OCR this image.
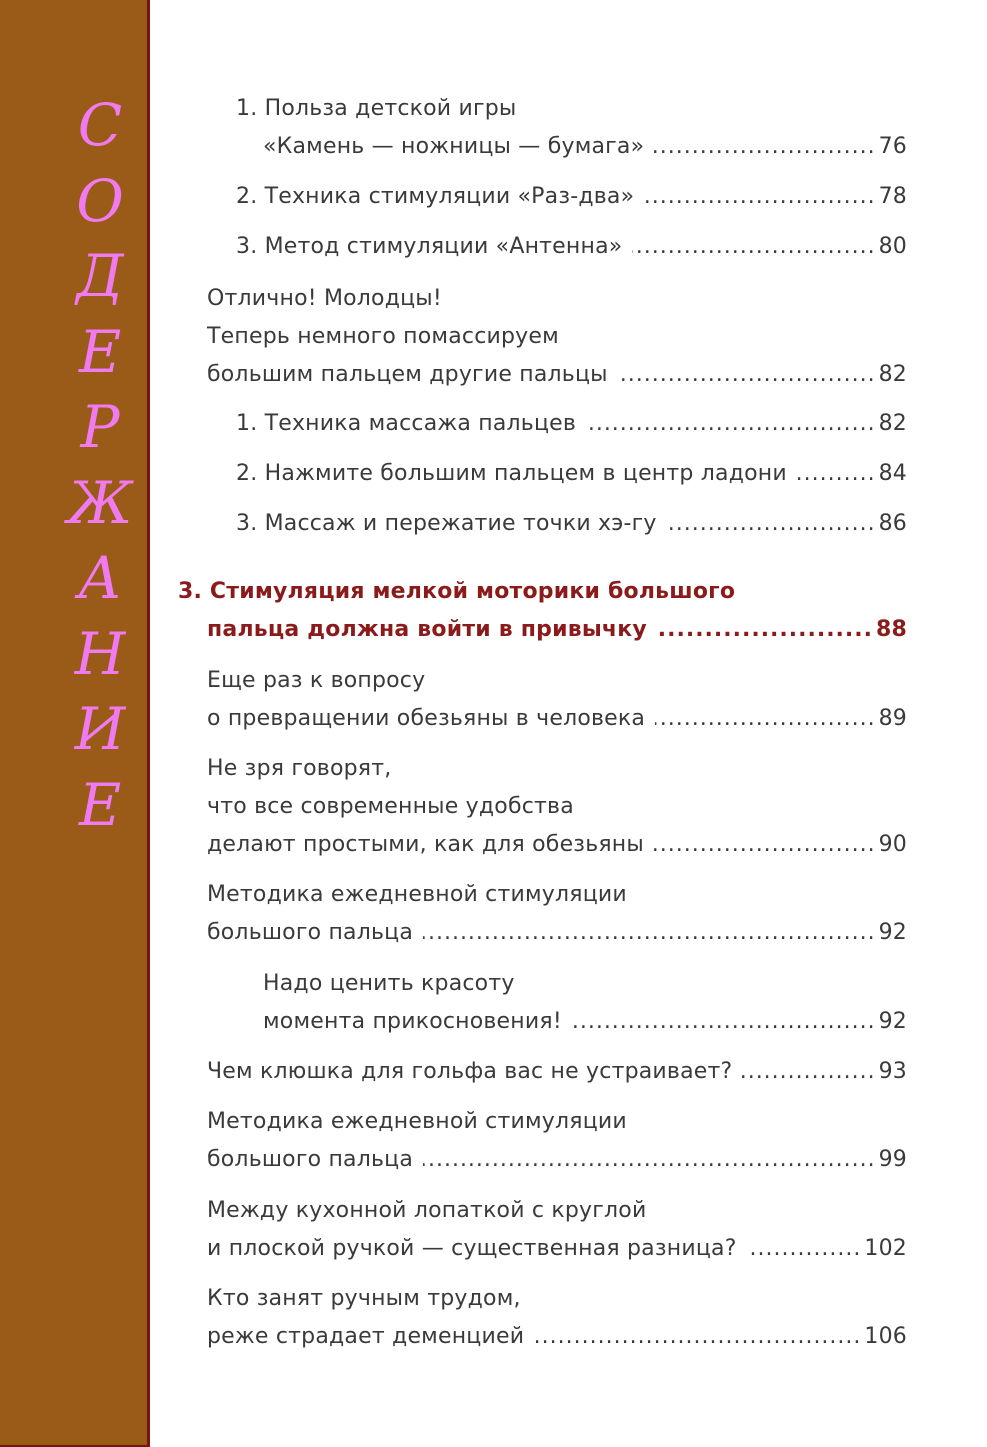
С
О
Д
Е
Р
Ж
А
Н
И
Е
1. Польза детской игры
«Камень — ножницы — бумага» .....	76
2. Техника стимуляции «Раз-два» .....	78
3. Метод стимуляции «Антенна» .....	80
Отлично! Молодцы!
Теперь немного помассируем
большим пальцем другие пальцы .....	82
1. Техника массажа пальцев .....	82
2. Нажмите большим пальцем в центр ладони .....	84
3. Массаж и пережатие точки хэ-гу .....	86
3. Стимуляция мелкой моторики большого
пальца должна войти в привычку .....	88
Еще раз к вопросу
о превращении обезьяны в человека .....	89
Не зря говорят,
что все современные удобства
делают простыми, как для обезьяны .....	90
Методика ежедневной стимуляции
большого пальца .....	92
Надо ценить красоту
момента прикосновения! .....	92
Чем клюшка для гольфа вас не устраивает? .....	93
Методика ежедневной стимуляции
большого пальца .....	99
Между кухонной лопаткой с круглой
и плоской ручкой — существенная разница? .....	102
Кто занят ручным трудом,
реже страдает деменцией .....	106
